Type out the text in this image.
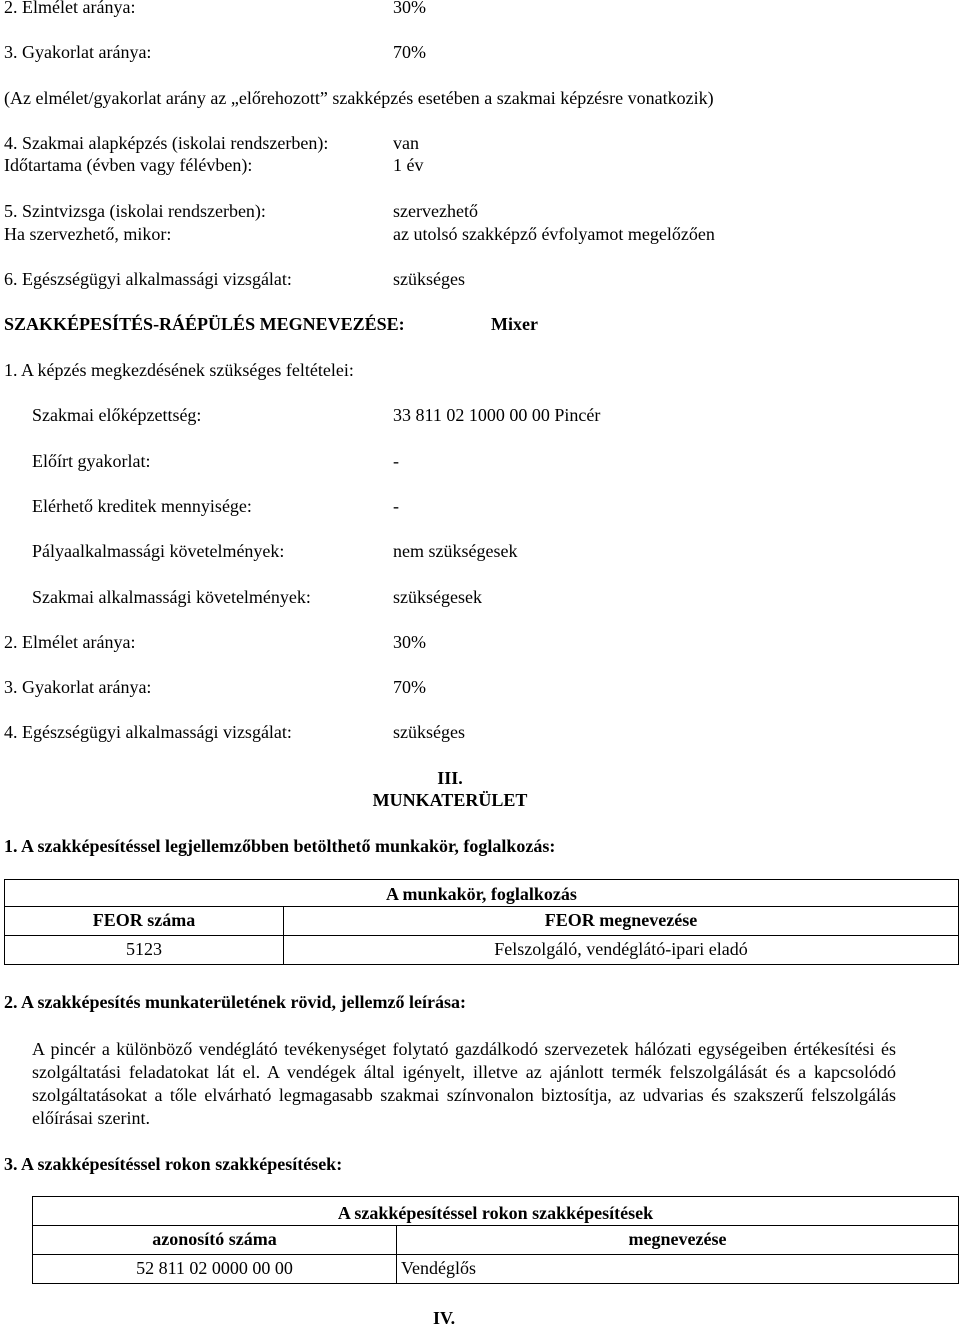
2. Elmélet aránya:	30%
3. Gyakorlat aránya:	70%
(Az elmélet/gyakorlat arány az „előrehozott” szakképzés esetében a szakmai képzésre vonatkozik)
4. Szakmai alapképzés (iskolai rendszerben):	van
Időtartama (évben vagy félévben):	1 év
5. Szintvizsga (iskolai rendszerben):	szervezhető
Ha szervezhető, mikor:	az utolsó szakképző évfolyamot megelőzően
6. Egészségügyi alkalmassági vizsgálat:	szükséges
SZAKKÉPESÍTÉS-RÁÉPÜLÉS MEGNEVEZÉSE:	Mixer
1. A képzés megkezdésének szükséges feltételei:
Szakmai előképzettség:	33 811 02 1000 00 00 Pincér
Előírt gyakorlat:	-
Elérhető kreditek mennyisége:	-
Pályaalkalmassági követelmények:	nem szükségesek
Szakmai alkalmassági követelmények:	szükségesek
2. Elmélet aránya:	30%
3. Gyakorlat aránya:	70%
4. Egészségügyi alkalmassági vizsgálat:	szükséges
III.
MUNKATERÜLET
1. A szakképesítéssel legjellemzőbben betölthető munkakör, foglalkozás:
A munkakör, foglalkozás	
FEOR száma	FEOR megnevezése
5123	Felszolgáló, vendéglátó-ipari eladó
2. A szakképesítés munkaterületének rövid, jellemző leírása:
A pincér a különböző vendéglátó tevékenységet folytató gazdálkodó szervezetek hálózati egységeiben értékesítési és szolgáltatási feladatokat lát el. A vendégek által igényelt, illetve az ajánlott termék felszolgálását és a kapcsolódó szolgáltatásokat a tőle elvárható legmagasabb szakmai színvonalon biztosítja, az udvarias és szakszerű felszolgálás előírásai szerint.
3. A szakképesítéssel rokon szakképesítések:
A szakképesítéssel rokon szakképesítések	
azonosító száma	megnevezése
52 811 02 0000 00 00	Vendéglős
IV.
